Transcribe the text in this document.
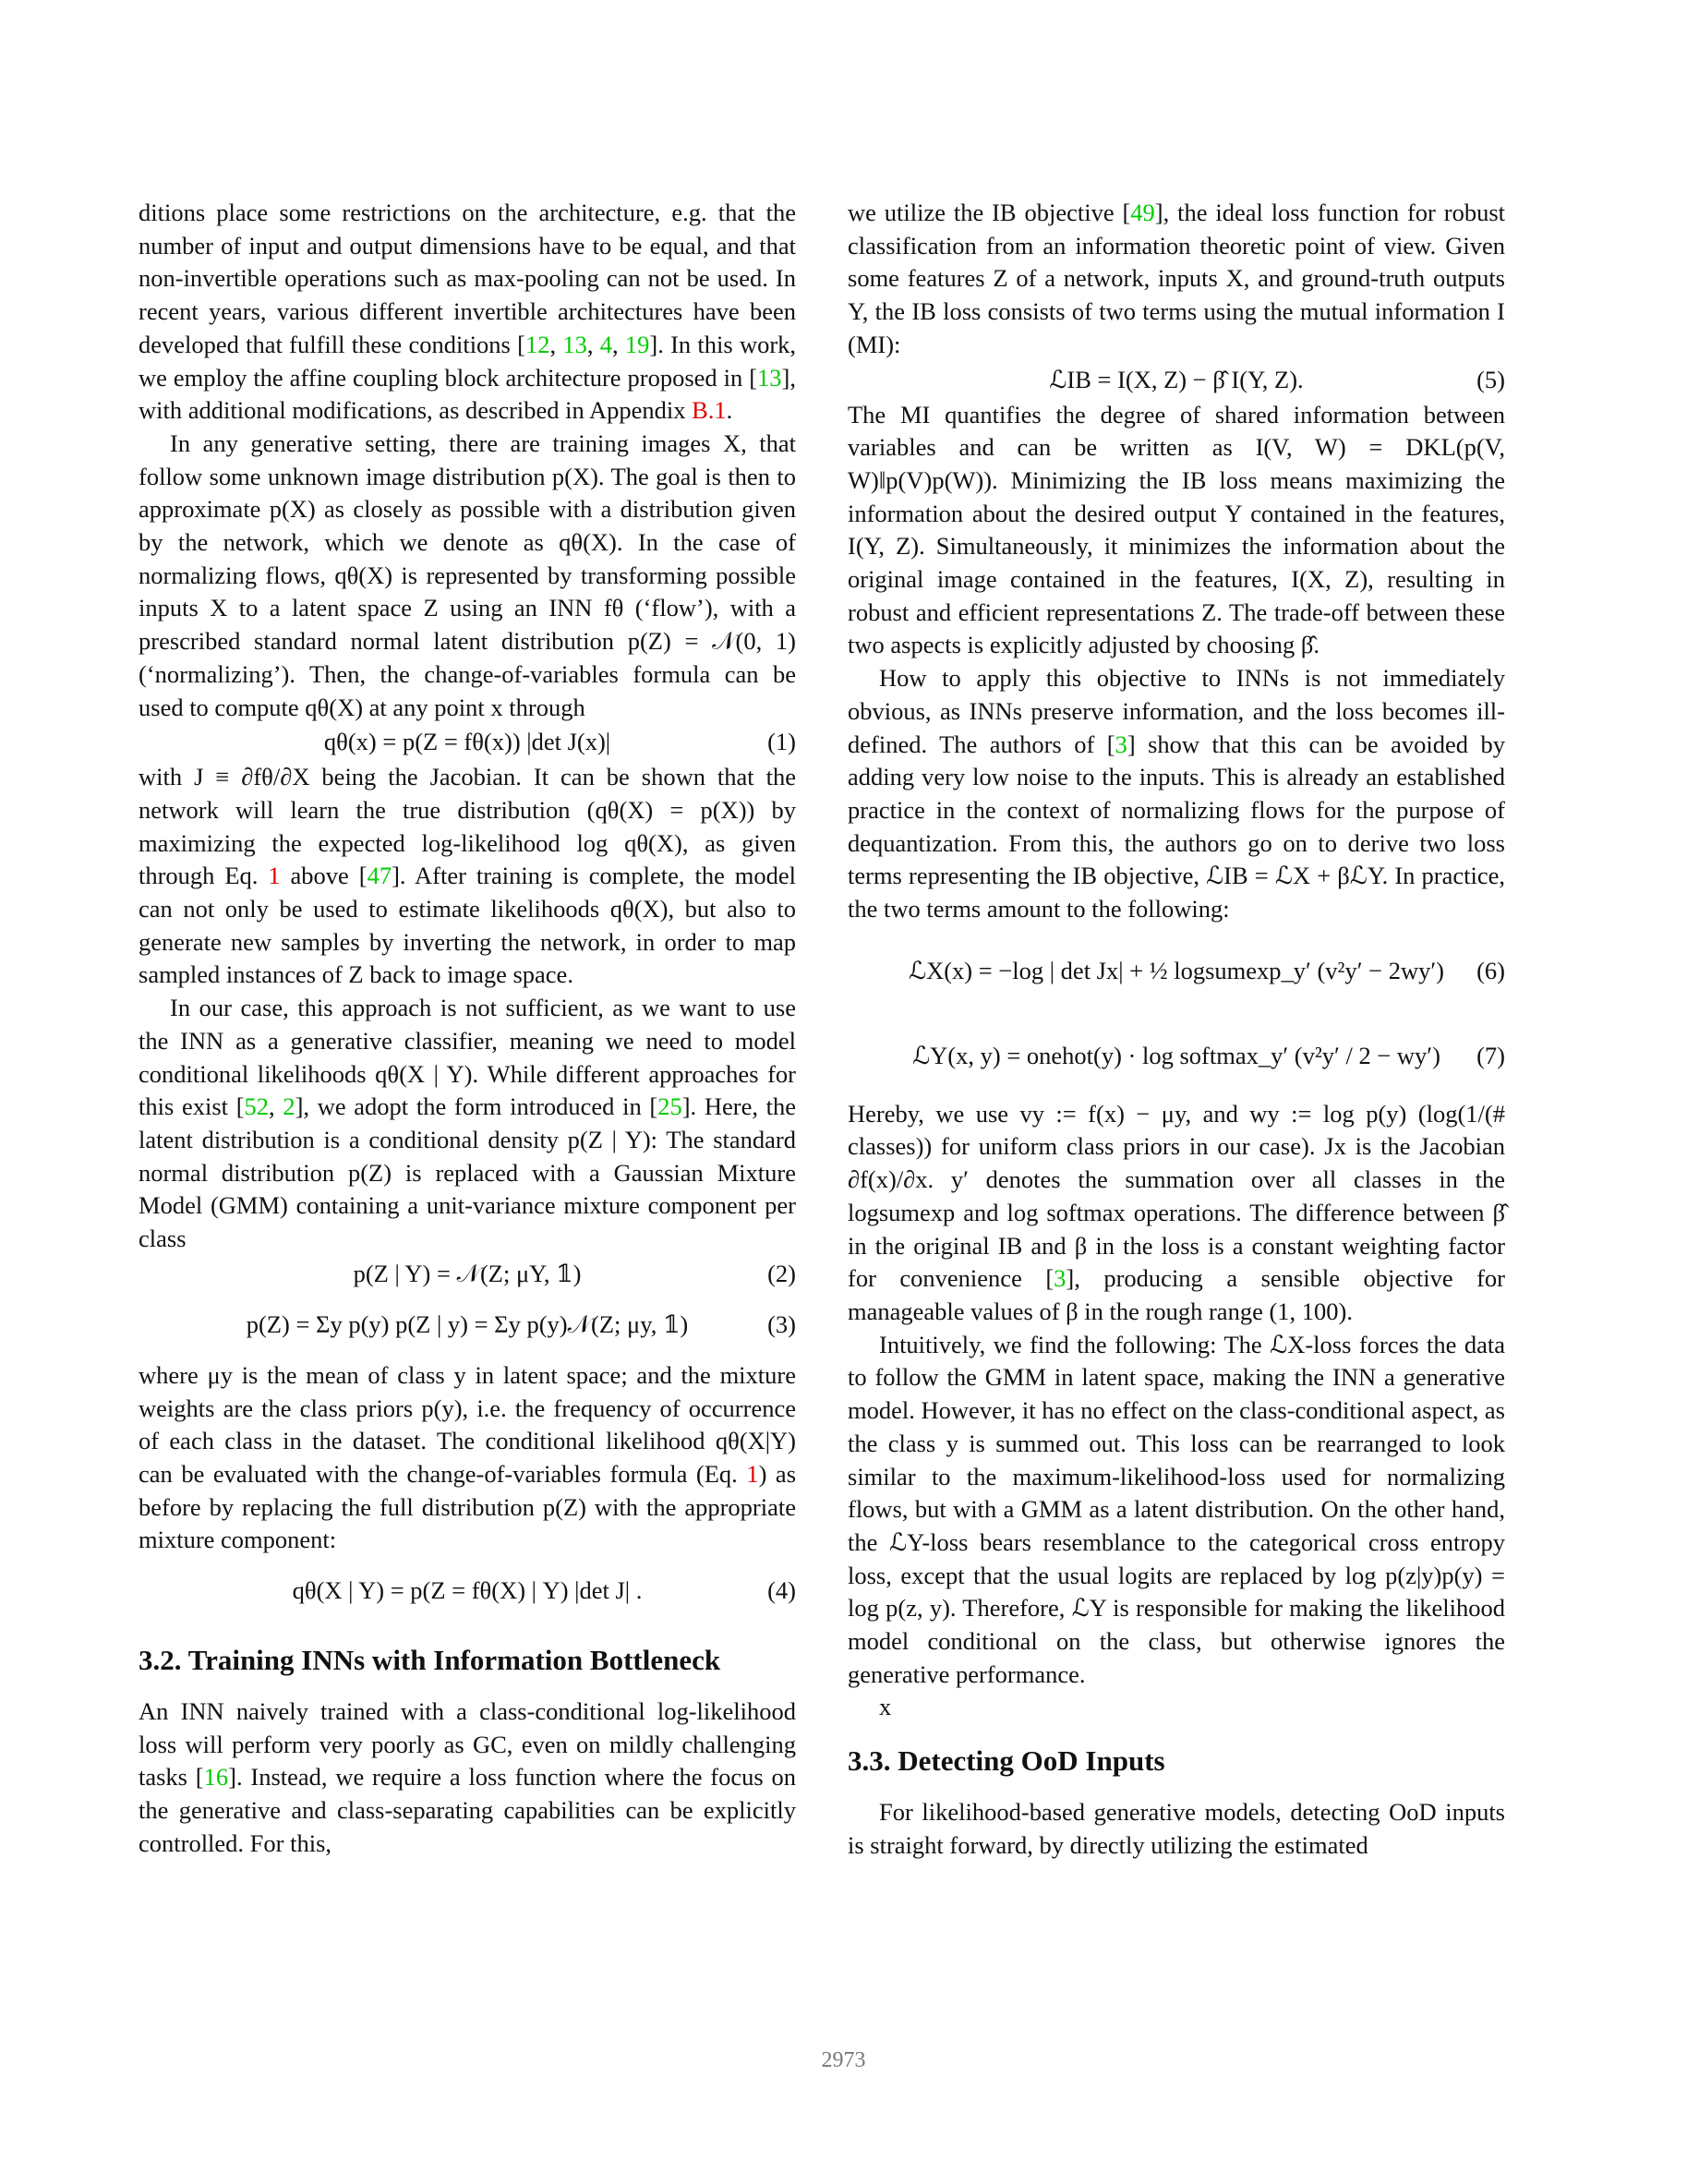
ditions place some restrictions on the architecture, e.g. that the number of input and output dimensions have to be equal, and that non-invertible operations such as max-pooling can not be used. In recent years, various different invertible architectures have been developed that fulfill these conditions [12, 13, 4, 19]. In this work, we employ the affine coupling block architecture proposed in [13], with additional modifications, as described in Appendix B.1.

In any generative setting, there are training images X, that follow some unknown image distribution p(X). The goal is then to approximate p(X) as closely as possible with a distribution given by the network, which we denote as qθ(X). In the case of normalizing flows, qθ(X) is represented by transforming possible inputs X to a latent space Z using an INN fθ (‘flow’), with a prescribed standard normal latent distribution p(Z) = 𝒩(0, 1) (‘normalizing’). Then, the change-of-variables formula can be used to compute qθ(X) at any point x through

qθ(x) = p(Z = fθ(x)) |det J(x)|	(1)

with J ≡ ∂fθ/∂X being the Jacobian. It can be shown that the network will learn the true distribution (qθ(X) = p(X)) by maximizing the expected log-likelihood log qθ(X), as given through Eq. 1 above [47]. After training is complete, the model can not only be used to estimate likelihoods qθ(X), but also to generate new samples by inverting the network, in order to map sampled instances of Z back to image space.

In our case, this approach is not sufficient, as we want to use the INN as a generative classifier, meaning we need to model conditional likelihoods qθ(X | Y). While different approaches for this exist [52, 2], we adopt the form introduced in [25]. Here, the latent distribution is a conditional density p(Z | Y): The standard normal distribution p(Z) is replaced with a Gaussian Mixture Model (GMM) containing a unit-variance mixture component per class

p(Z | Y) = 𝒩(Z; μY, 𝟙)	(2)
p(Z) = Σy p(y) p(Z | y) = Σy p(y)𝒩(Z; μy, 𝟙)	(3)

where μy is the mean of class y in latent space; and the mixture weights are the class priors p(y), i.e. the frequency of occurrence of each class in the dataset. The conditional likelihood qθ(X|Y) can be evaluated with the change-of-variables formula (Eq. 1) as before by replacing the full distribution p(Z) with the appropriate mixture component:

qθ(X | Y) = p(Z = fθ(X) | Y) |det J| .	(4)
3.2. Training INNs with Information Bottleneck

An INN naively trained with a class-conditional log-likelihood loss will perform very poorly as GC, even on mildly challenging tasks [16]. Instead, we require a loss function where the focus on the generative and class-separating capabilities can be explicitly controlled. For this,

we utilize the IB objective [49], the ideal loss function for robust classification from an information theoretic point of view. Given some features Z of a network, inputs X, and ground-truth outputs Y, the IB loss consists of two terms using the mutual information I (MI):

ℒIB = I(X, Z) − β̂ I(Y, Z).	(5)

The MI quantifies the degree of shared information between variables and can be written as I(V, W) = DKL(p(V, W)‖p(V)p(W)). Minimizing the IB loss means maximizing the information about the desired output Y contained in the features, I(Y, Z). Simultaneously, it minimizes the information about the original image contained in the features, I(X, Z), resulting in robust and efficient representations Z. The trade-off between these two aspects is explicitly adjusted by choosing β̂.

How to apply this objective to INNs is not immediately obvious, as INNs preserve information, and the loss becomes ill-defined. The authors of [3] show that this can be avoided by adding very low noise to the inputs. This is already an established practice in the context of normalizing flows for the purpose of dequantization. From this, the authors go on to derive two loss terms representing the IB objective, ℒIB = ℒX + βℒY. In practice, the two terms amount to the following:

ℒX(x) = −log | det Jx| + ½ logsumexp_y′ (v²y′ − 2wy′) (6)
ℒY(x, y) = onehot(y) · log softmax_y′ (v²y′ / 2 − wy′) (7)

Hereby, we use vy := f(x) − μy, and wy := log p(y) (log(1/(# classes)) for uniform class priors in our case). Jx is the Jacobian ∂f(x)/∂x. y′ denotes the summation over all classes in the logsumexp and log softmax operations. The difference between β̂ in the original IB and β in the loss is a constant weighting factor for convenience [3], producing a sensible objective for manageable values of β in the rough range (1, 100).

Intuitively, we find the following: The ℒX-loss forces the data to follow the GMM in latent space, making the INN a generative model. However, it has no effect on the class-conditional aspect, as the class y is summed out. This loss can be rearranged to look similar to the maximum-likelihood-loss used for normalizing flows, but with a GMM as a latent distribution. On the other hand, the ℒY-loss bears resemblance to the categorical cross entropy loss, except that the usual logits are replaced by log p(z|y)p(y) = log p(z, y). Therefore, ℒY is responsible for making the likelihood model conditional on the class, but otherwise ignores the generative performance.

x

3.3. Detecting OoD Inputs

For likelihood-based generative models, detecting OoD inputs is straight forward, by directly utilizing the estimated

2973
